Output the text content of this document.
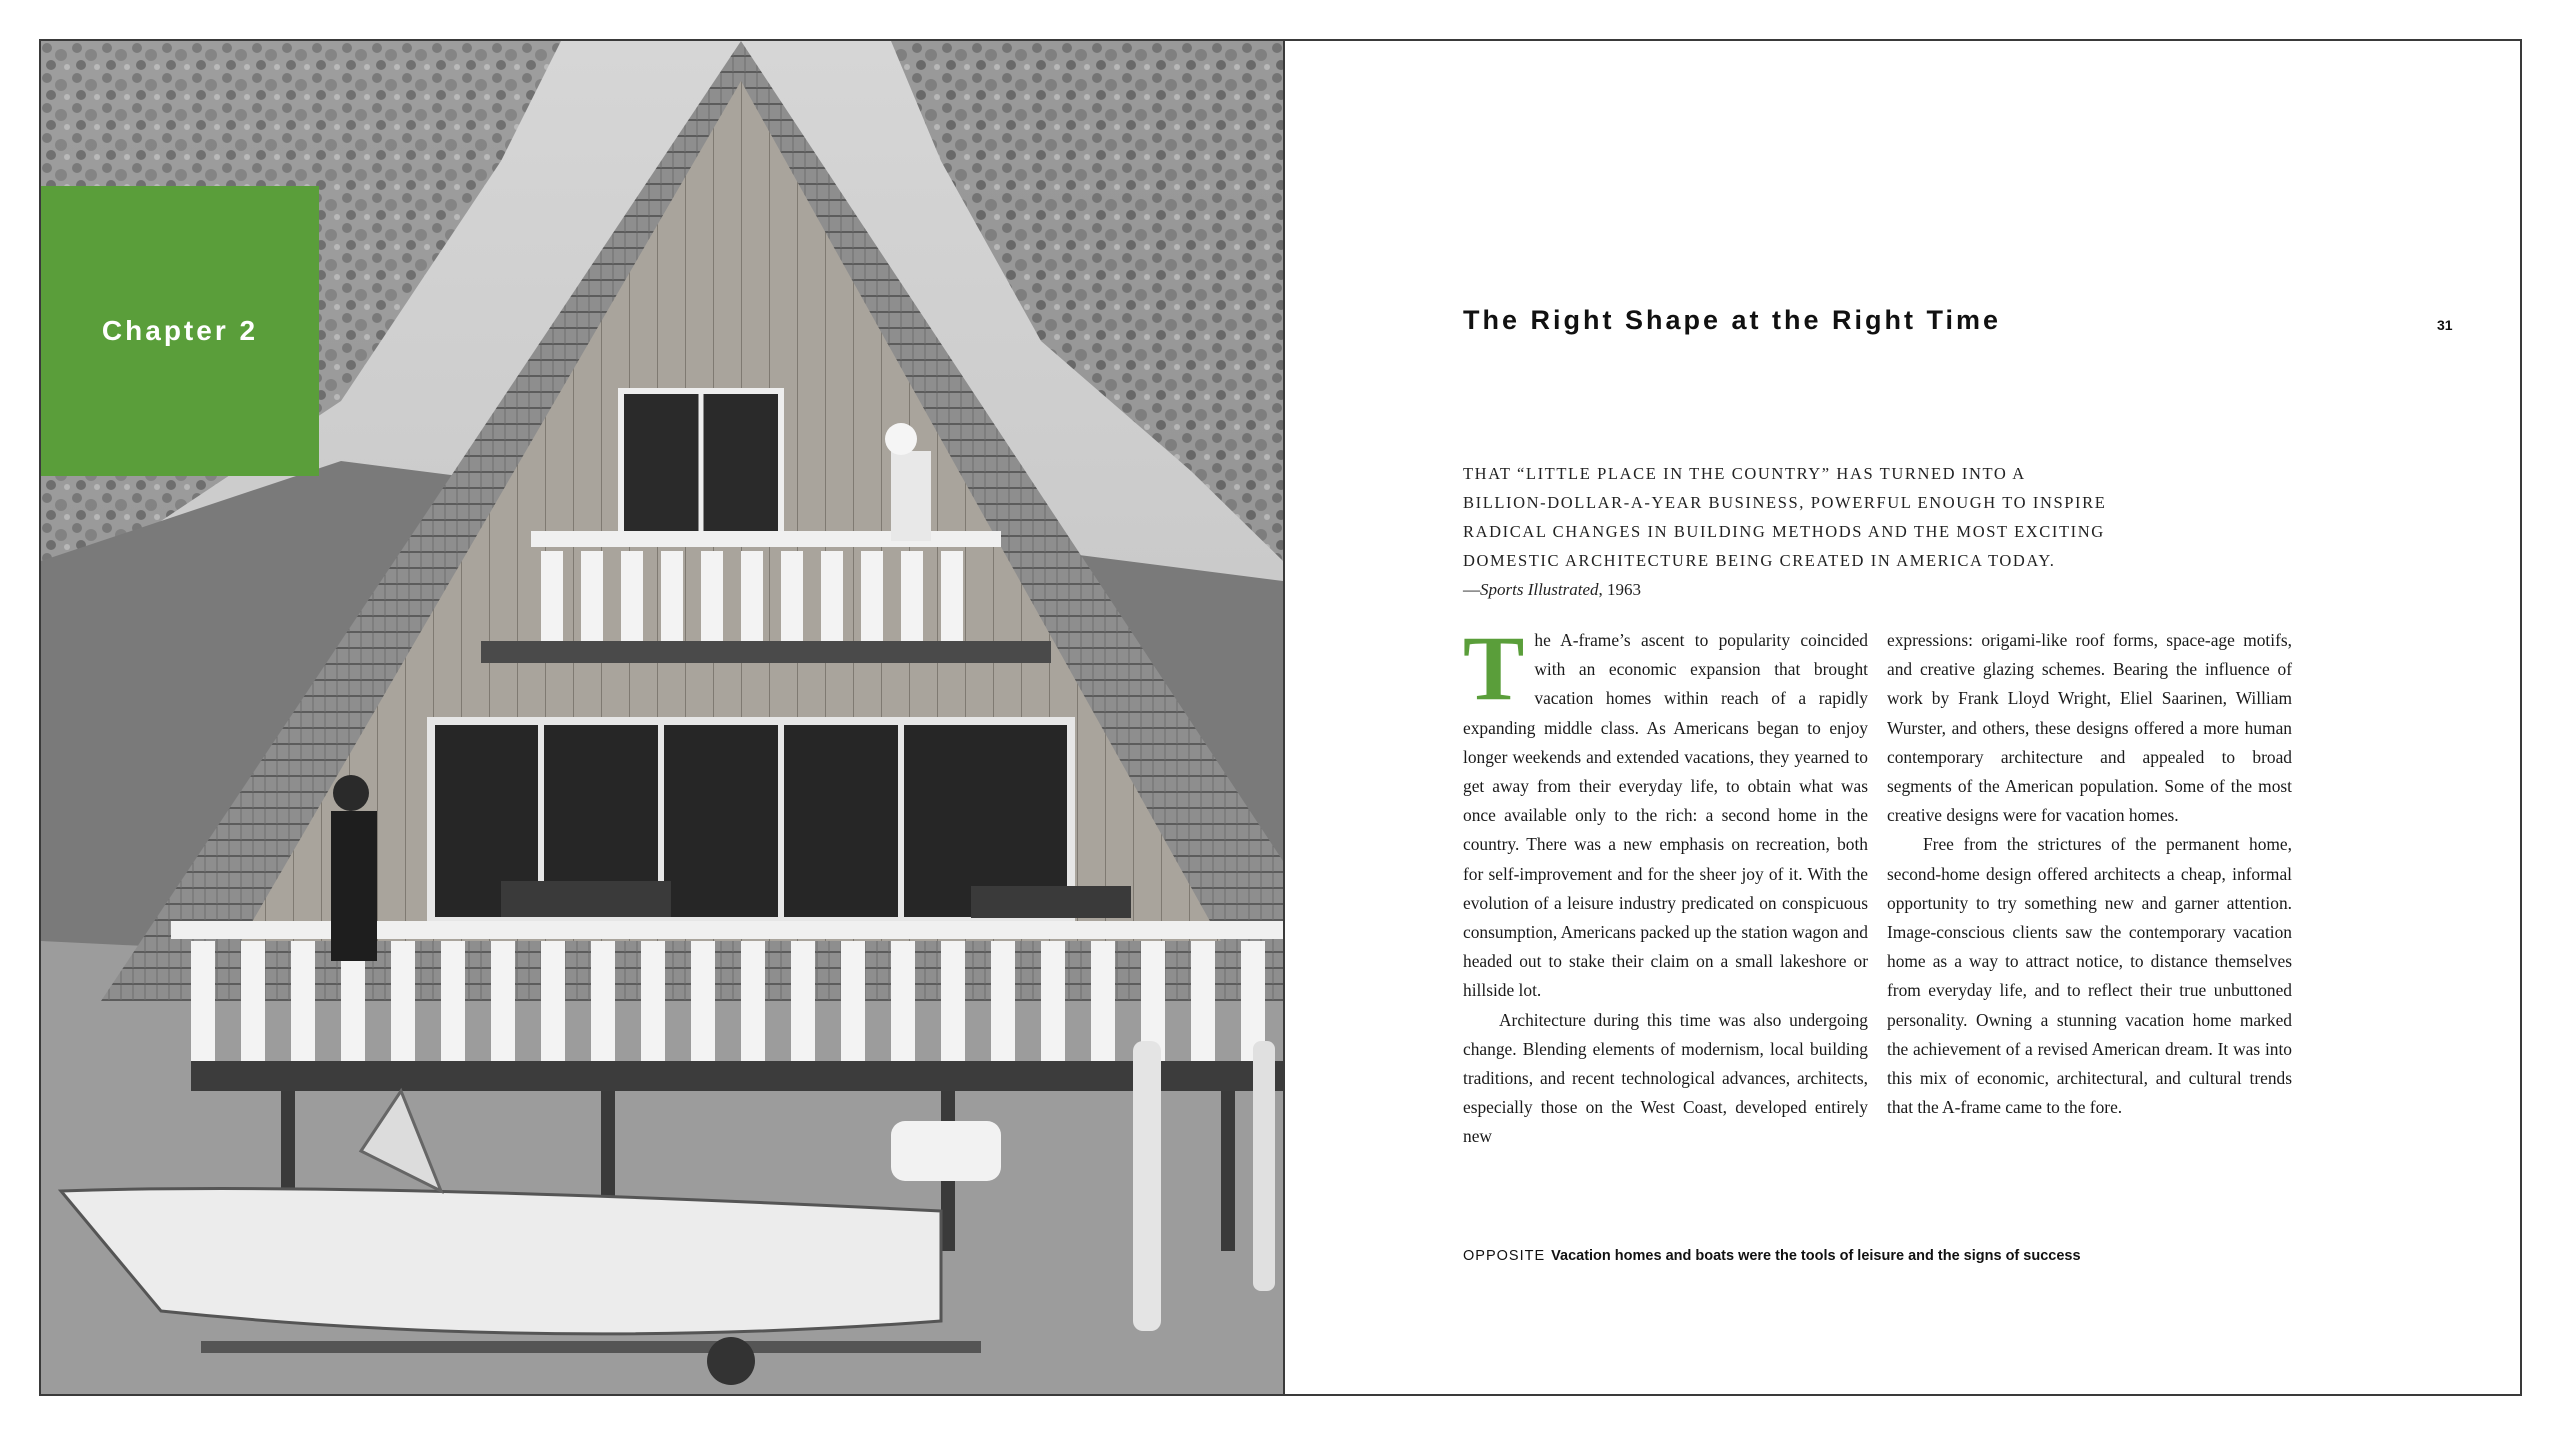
Chapter 2	The Right Shape at the Right Time	31
THAT “LITTLE PLACE IN THE COUNTRY” HAS TURNED INTO A
BILLION-DOLLAR-A-YEAR BUSINESS, POWERFUL ENOUGH TO INSPIRE
RADICAL CHANGES IN BUILDING METHODS AND THE MOST EXCITING
DOMESTIC ARCHITECTURE BEING CREATED IN AMERICA TODAY.
—Sports Illustrated, 1963

The A-frame’s ascent to popularity coincided with an economic expansion that brought vacation homes within reach of a rapidly expanding middle class. As Americans began to enjoy longer weekends and extended vacations, they yearned to get away from their everyday life, to obtain what was once available only to the rich: a second home in the country. There was a new emphasis on recreation, both for self-improvement and for the sheer joy of it. With the evolution of a leisure industry predicated on conspicuous consumption, Americans packed up the station wagon and headed out to stake their claim on a small lakeshore or hillside lot.

Architecture during this time was also undergoing change. Blending elements of modernism, local building traditions, and recent technological advances, architects, especially those on the West Coast, developed entirely new

expressions: origami-like roof forms, space-age motifs, and creative glazing schemes. Bearing the influence of work by Frank Lloyd Wright, Eliel Saarinen, William Wurster, and others, these designs offered a more human contemporary architecture and appealed to broad segments of the American population. Some of the most creative designs were for vacation homes.

Free from the strictures of the permanent home, second-home design offered architects a cheap, informal opportunity to try something new and garner attention. Image-conscious clients saw the contemporary vacation home as a way to attract notice, to distance themselves from everyday life, and to reflect their true unbuttoned personality. Owning a stunning vacation home marked the achievement of a revised American dream. It was into this mix of economic, architectural, and cultural trends that the A-frame came to the fore.

OPPOSITE Vacation homes and boats were the tools of leisure and the signs of success
